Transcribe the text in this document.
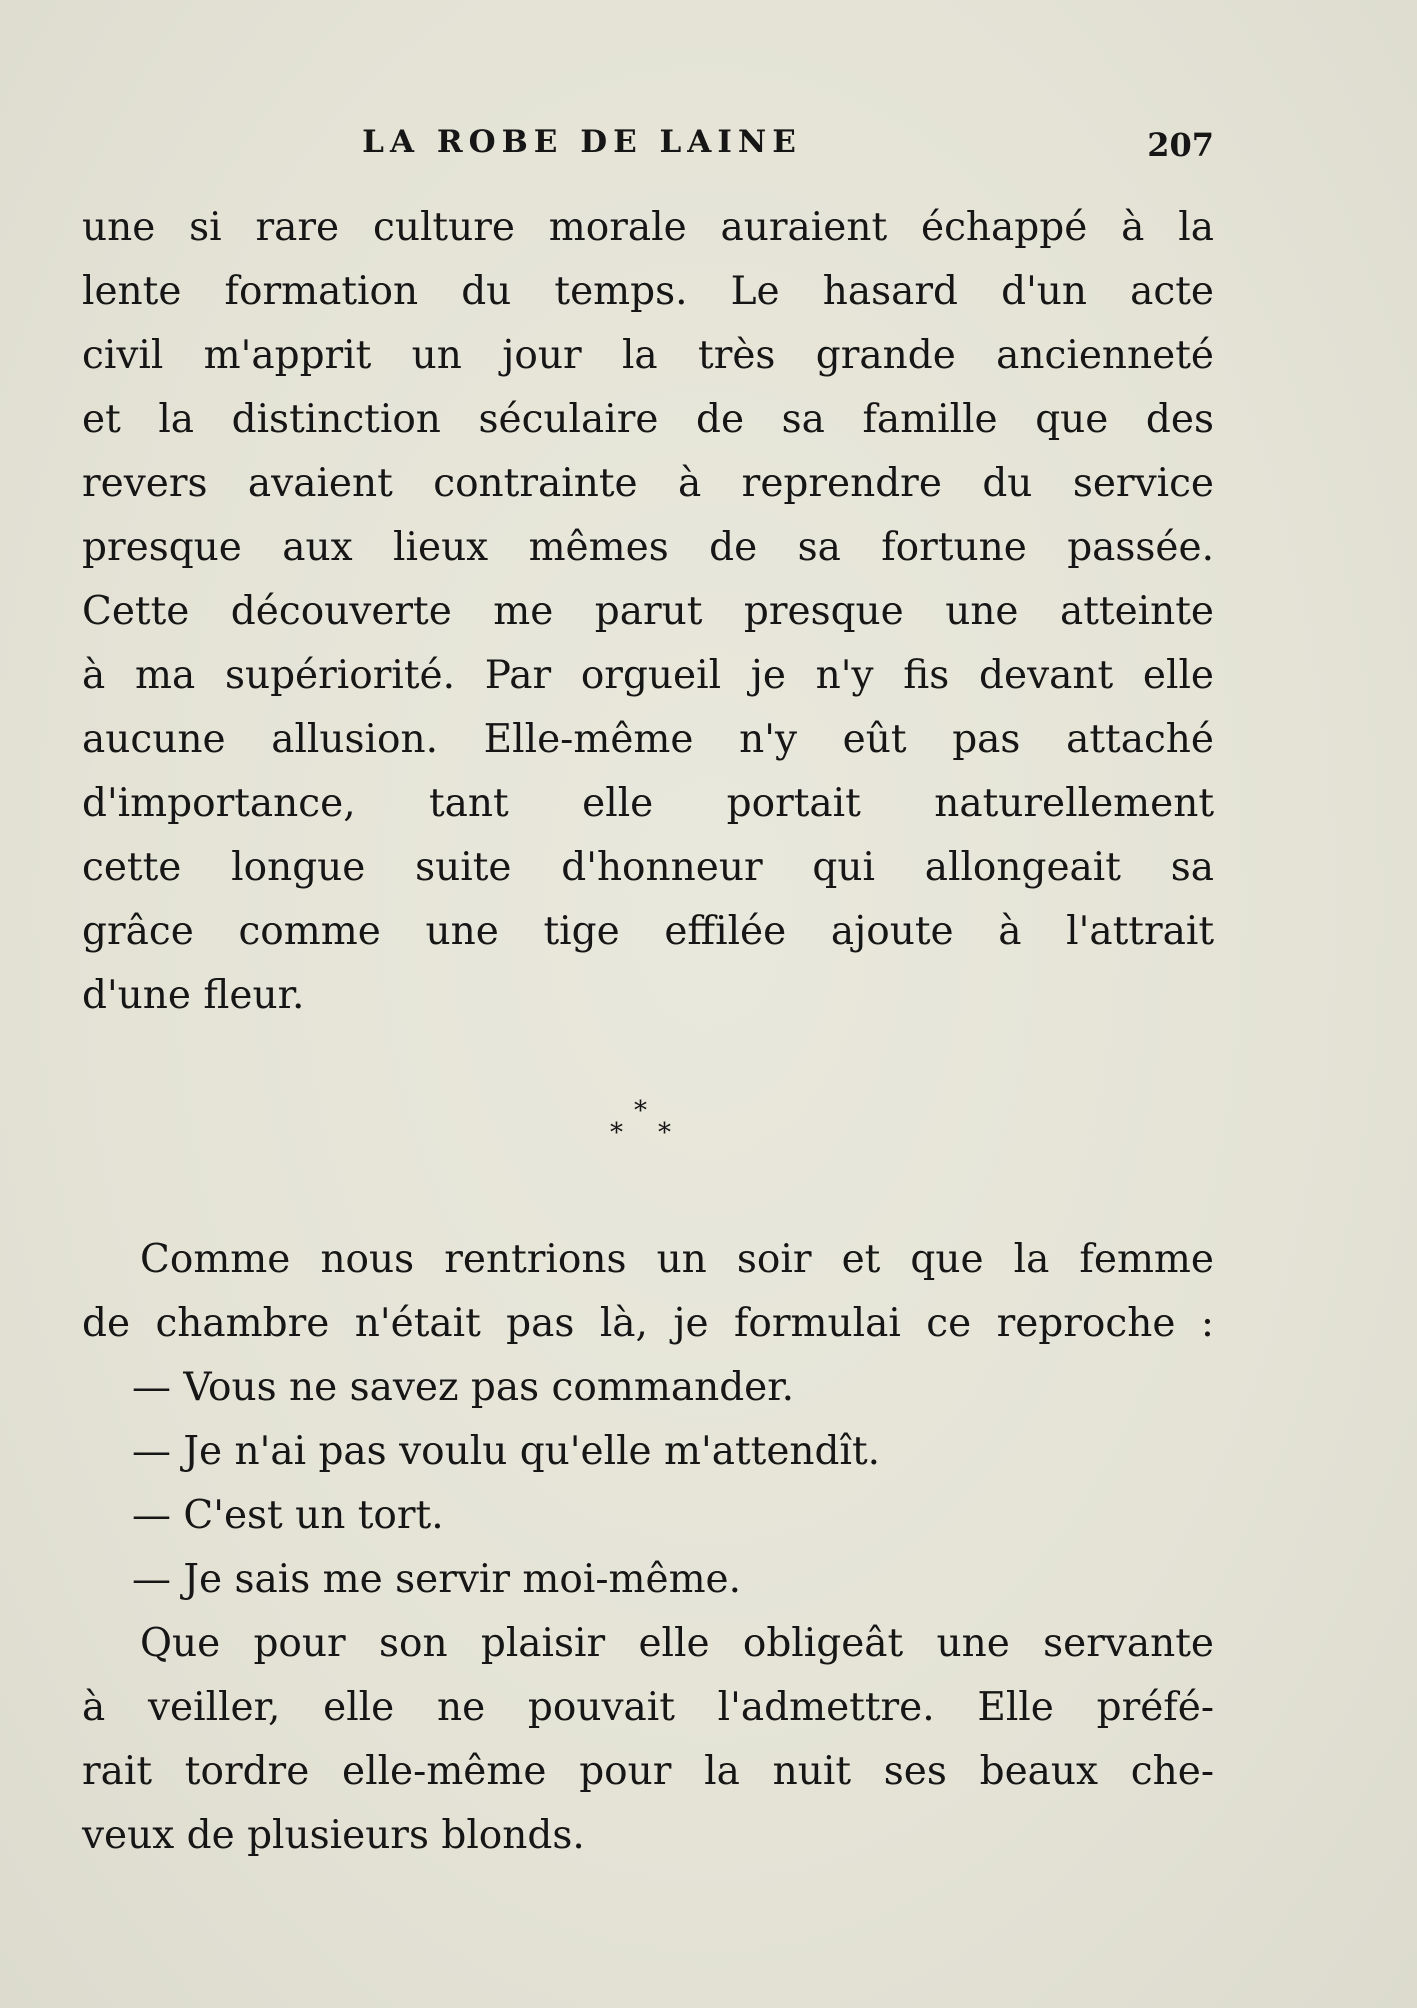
LA ROBE DE LAINE	207
une si rare culture morale auraient échappé à la
lente formation du temps. Le hasard d'un acte
civil m'apprit un jour la très grande ancienneté
et la distinction séculaire de sa famille que des
revers avaient contrainte à reprendre du service
presque aux lieux mêmes de sa fortune passée.
Cette découverte me parut presque une atteinte
à ma supériorité. Par orgueil je n'y fis devant elle
aucune allusion. Elle-même n'y eût pas attaché
d'importance, tant elle portait naturellement
cette longue suite d'honneur qui allongeait sa
grâce comme une tige effilée ajoute à l'attrait
d'une fleur.
*
* *
Comme nous rentrions un soir et que la femme
de chambre n'était pas là, je formulai ce reproche :
— Vous ne savez pas commander.
— Je n'ai pas voulu qu'elle m'attendît.
— C'est un tort.
— Je sais me servir moi-même.
Que pour son plaisir elle obligeât une servante
à veiller, elle ne pouvait l'admettre. Elle préfé-
rait tordre elle-même pour la nuit ses beaux che-
veux de plusieurs blonds.
